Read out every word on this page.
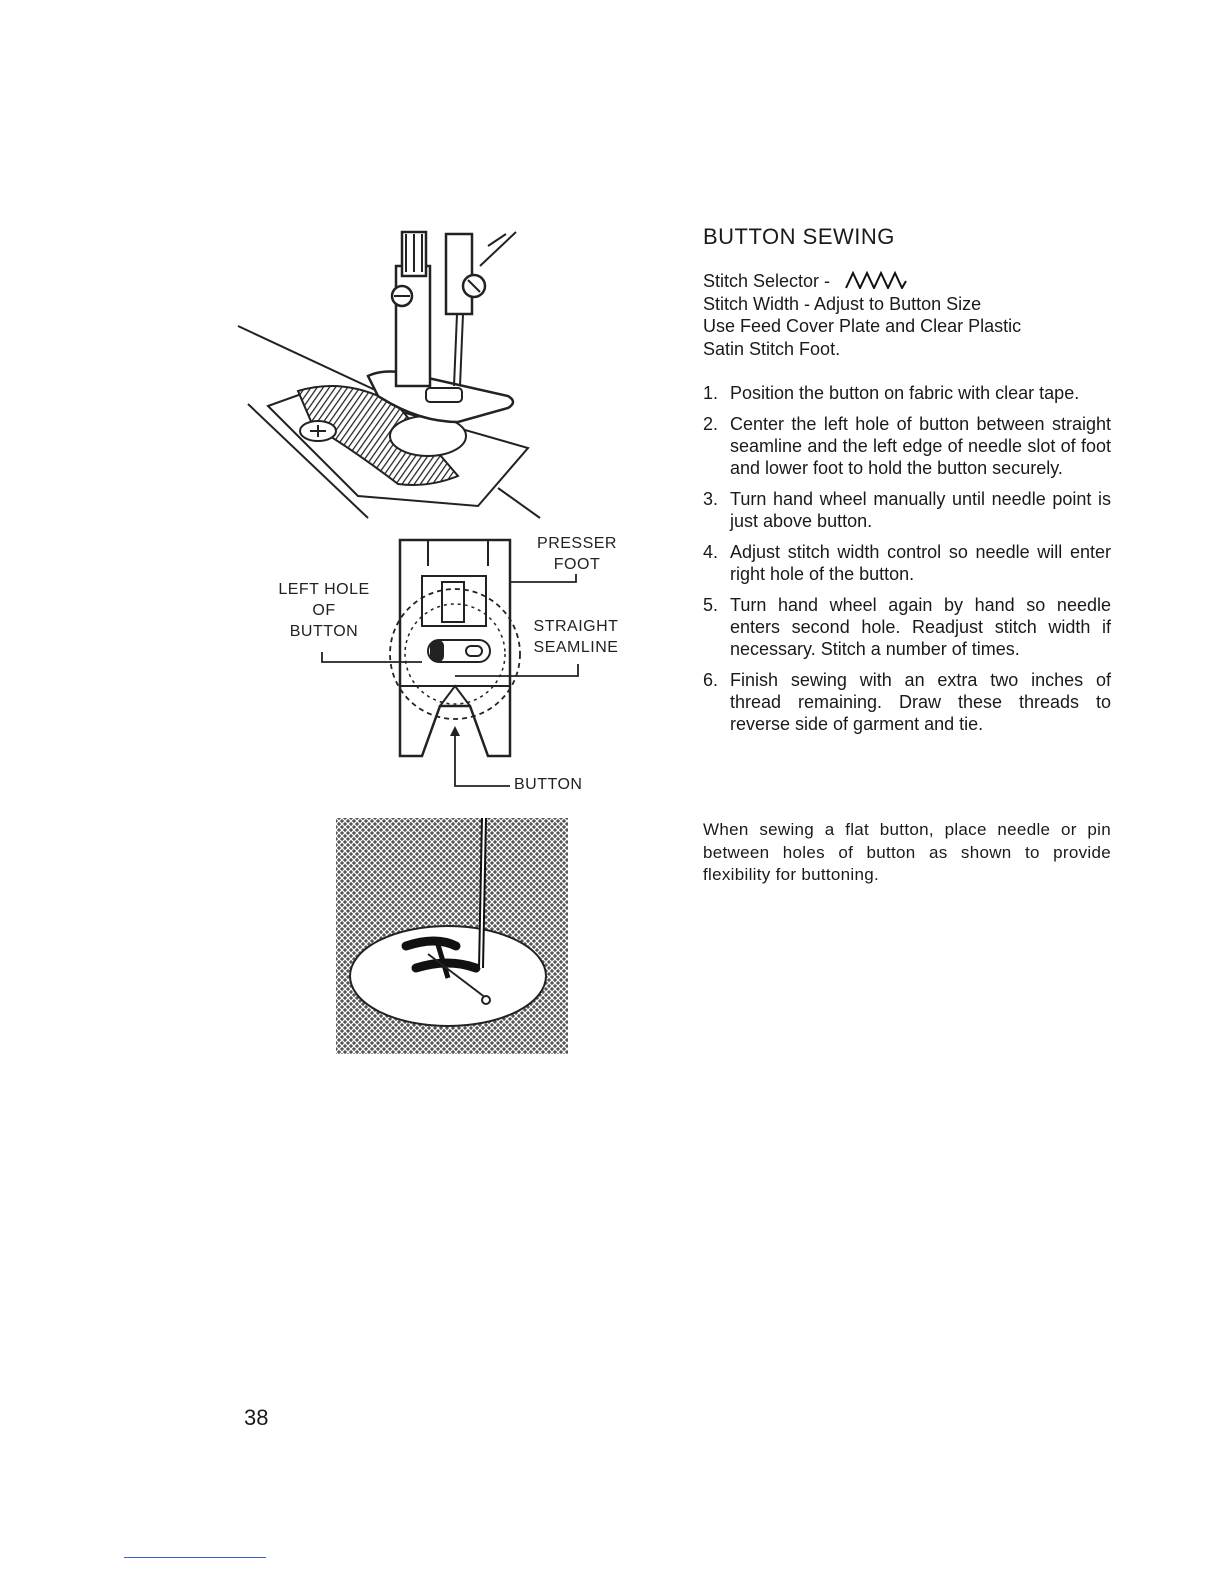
PRESSER
FOOT
LEFT HOLE
OF
BUTTON	STRAIGHT
SEAMLINE
BUTTON
BUTTON SEWING
Stitch Selector -
Stitch Width - Adjust to Button Size
Use Feed Cover Plate and Clear Plastic
Satin Stitch Foot.
1. Position the button on fabric with clear tape.
2. Center the left hole of button between straight seamline and the left edge of needle slot of foot and lower foot to hold the button securely.
3. Turn hand wheel manually until needle point is just above button.
4. Adjust stitch width control so needle will enter right hole of the button.
5. Turn hand wheel again by hand so needle enters second hole. Readjust stitch width if necessary. Stitch a number of times.
6. Finish sewing with an extra two inches of thread remaining. Draw these threads to reverse side of garment and tie.

When sewing a flat button, place needle or pin between holes of button as shown to provide flexibility for buttoning.

38
